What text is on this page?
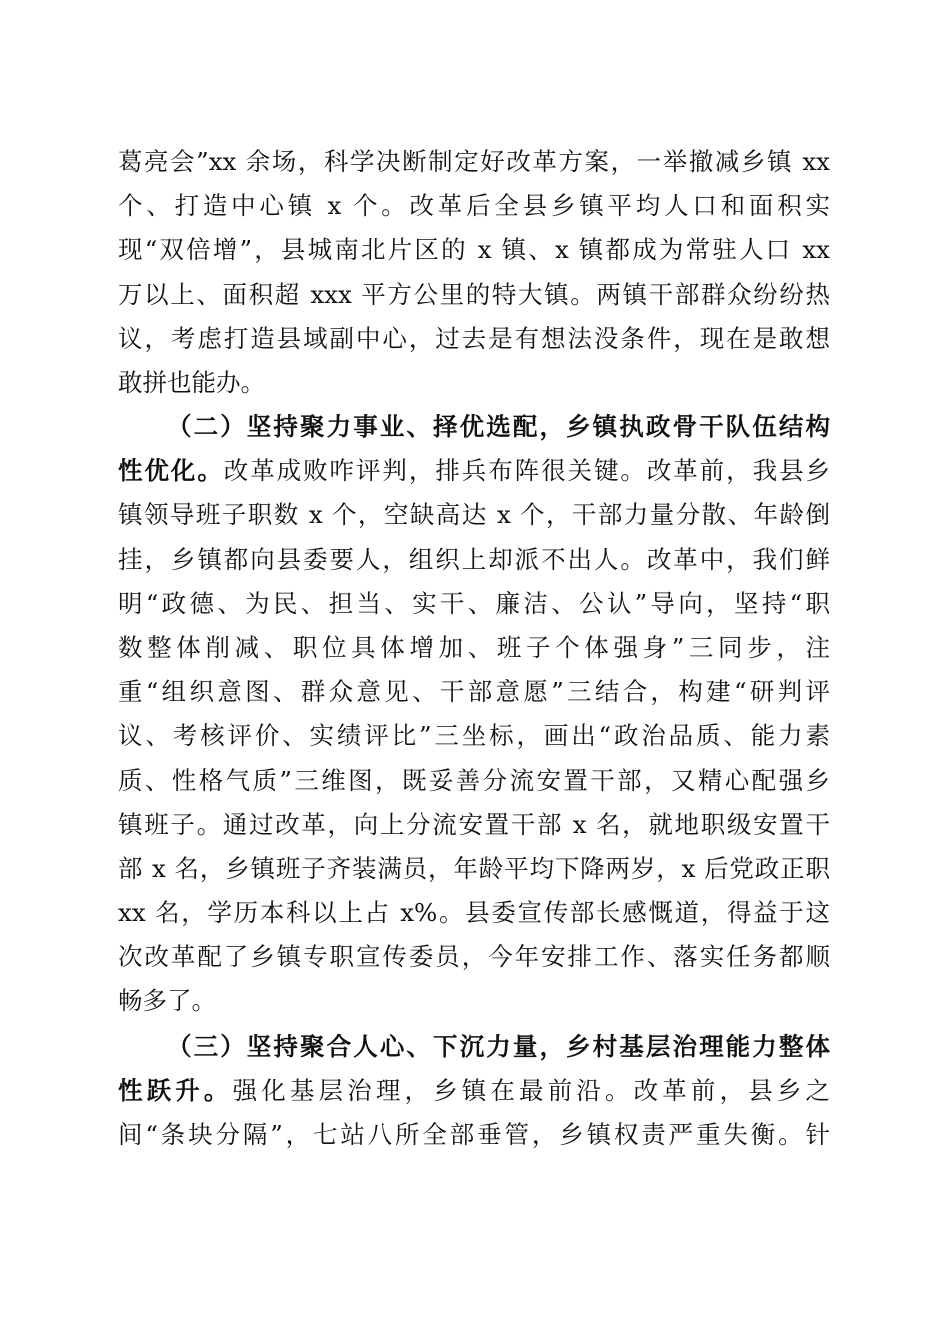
葛亮会”xx 余场，科学决断制定好改革方案，一举撤减乡镇 xx
个、打造中心镇 x 个。改革后全县乡镇平均人口和面积实
现“双倍增”，县城南北片区的 x 镇、x 镇都成为常驻人口 xx
万以上、面积超 xxx 平方公里的特大镇。两镇干部群众纷纷热
议，考虑打造县域副中心，过去是有想法没条件，现在是敢想
敢拼也能办。
（二）坚持聚力事业、择优选配，乡镇执政骨干队伍结构
性优化。改革成败咋评判，排兵布阵很关键。改革前，我县乡
镇领导班子职数 x 个，空缺高达 x 个，干部力量分散、年龄倒
挂，乡镇都向县委要人，组织上却派不出人。改革中，我们鲜
明“政德、为民、担当、实干、廉洁、公认”导向，坚持“职
数整体削减、职位具体增加、班子个体强身”三同步，注
重“组织意图、群众意见、干部意愿”三结合，构建“研判评
议、考核评价、实绩评比”三坐标，画出“政治品质、能力素
质、性格气质”三维图，既妥善分流安置干部，又精心配强乡
镇班子。通过改革，向上分流安置干部 x 名，就地职级安置干
部 x 名，乡镇班子齐装满员，年龄平均下降两岁，x 后党政正职
xx 名，学历本科以上占 x%。县委宣传部长感慨道，得益于这
次改革配了乡镇专职宣传委员，今年安排工作、落实任务都顺
畅多了。
（三）坚持聚合人心、下沉力量，乡村基层治理能力整体
性跃升。强化基层治理，乡镇在最前沿。改革前，县乡之
间“条块分隔”，七站八所全部垂管，乡镇权责严重失衡。针
